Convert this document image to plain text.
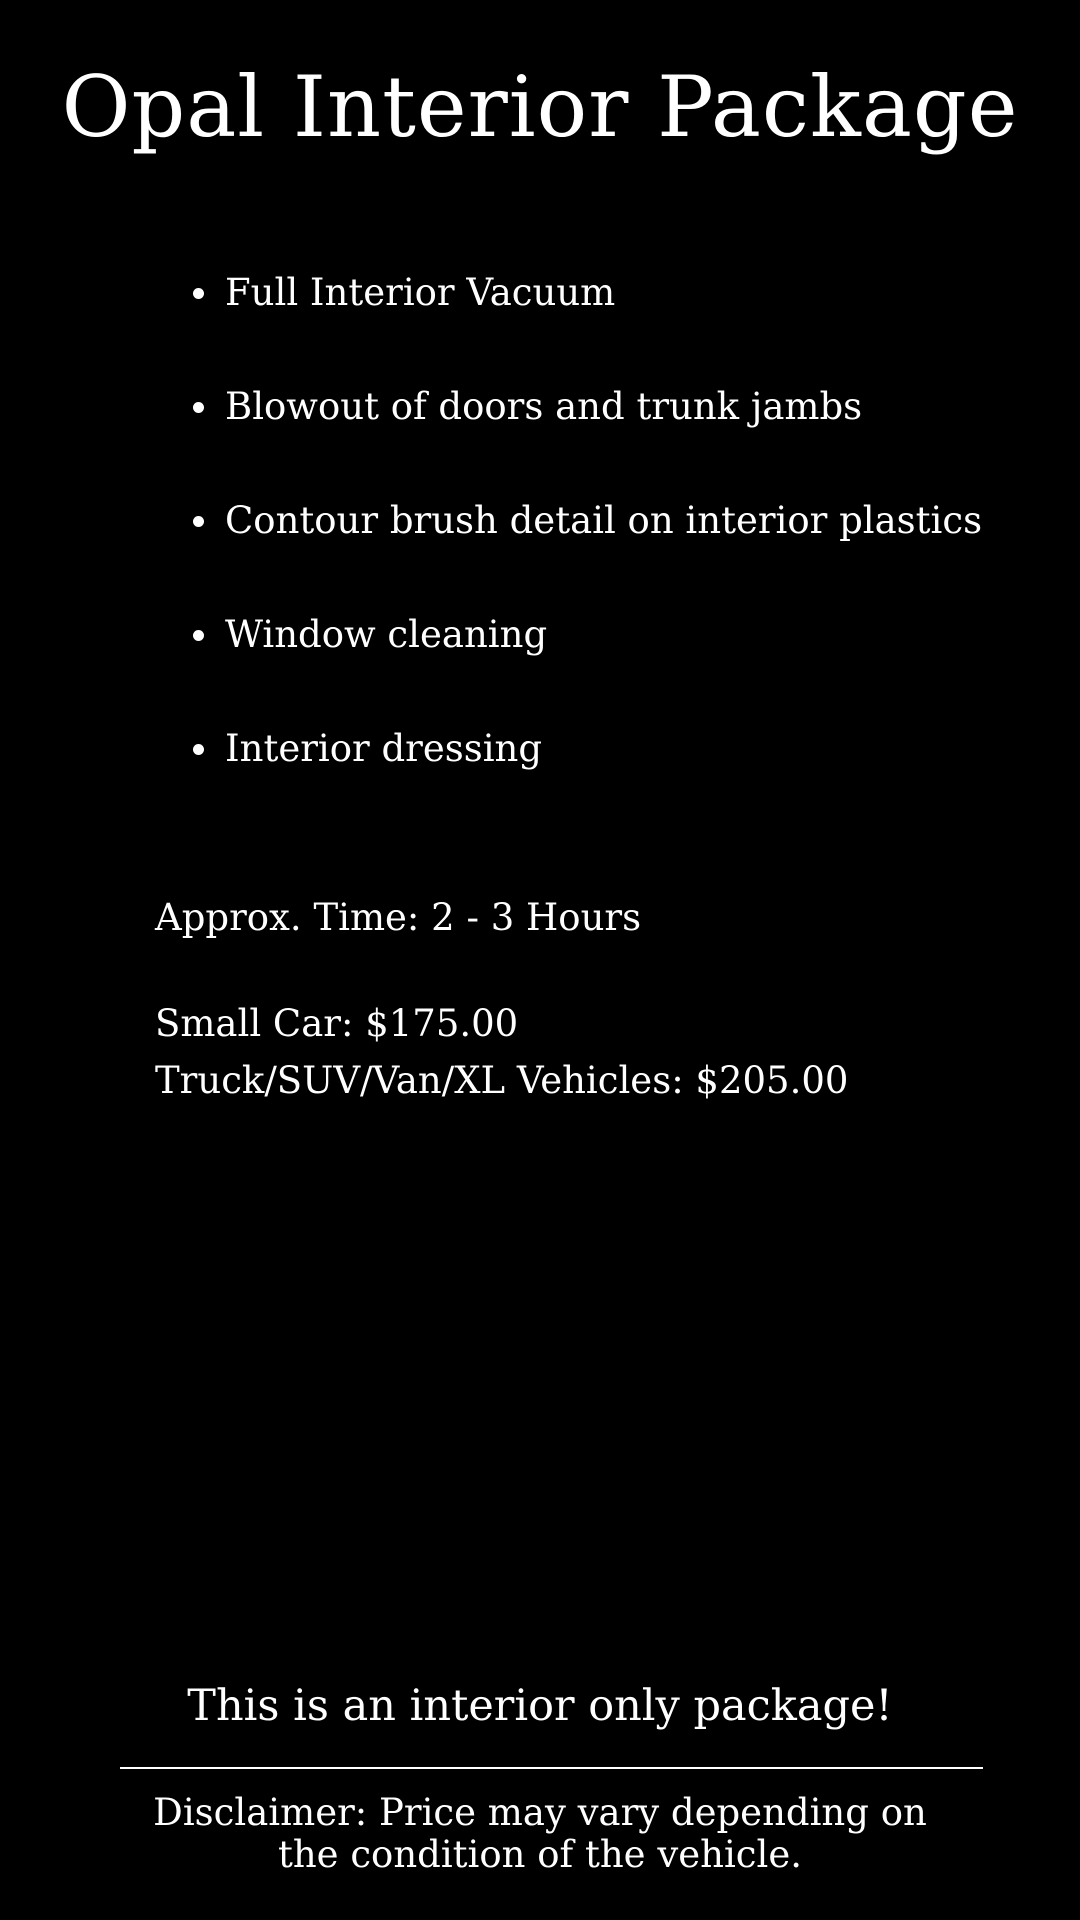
Opal Interior Package
Full Interior Vacuum
Blowout of doors and trunk jambs
Contour brush detail on interior plastics
Window cleaning
Interior dressing

Approx. Time: 2 - 3 Hours

Small Car: $175.00

Truck/SUV/Van/XL Vehicles: $205.00

This is an interior only package!

Disclaimer: Price may vary depending on the condition of the vehicle.
